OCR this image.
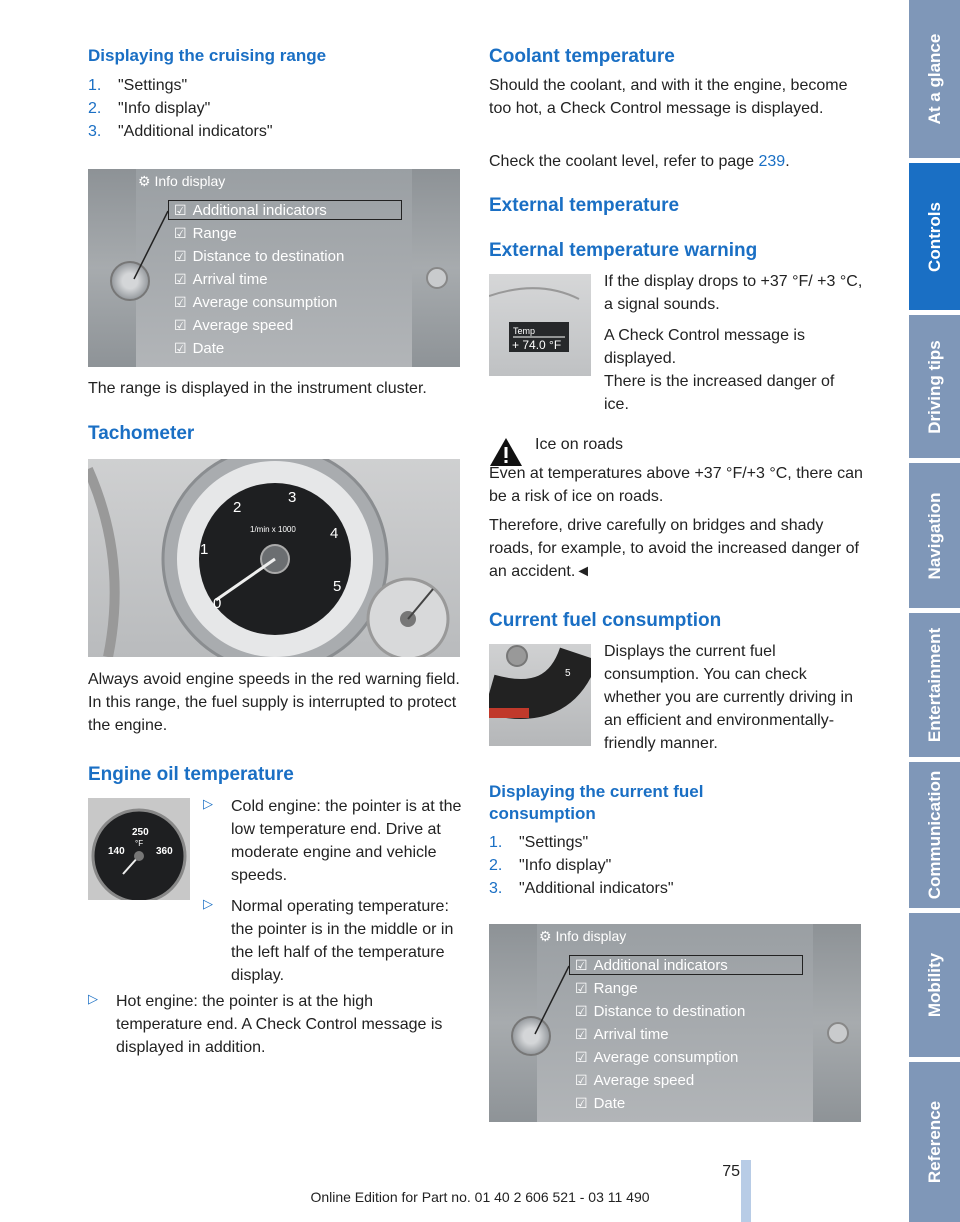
Displaying the cruising range
1. "Settings"
2. "Info display"
3. "Additional indicators"
⚙ Info display
☑ Additional indicators
☑ Range
☑ Distance to destination
☑ Arrival time
☑ Average consumption
☑ Average speed
☑ Date

The range is displayed in the instrument cluster.

Tachometer
0
1
2
3
4
5
1/min x 1000

Always avoid engine speeds in the red warning field. In this range, the fuel supply is interrupted to protect the engine.

Engine oil temperature
250
°F
140	360
▷ Cold engine: the pointer is at the low temperature end. Drive at moderate engine and vehicle speeds.

▷ Normal operating temperature: the pointer is in the middle or in the left half of the temperature display.

▷ Hot engine: the pointer is at the high temperature end. A Check Control message is displayed in addition.

Coolant temperature

Should the coolant, and with it the engine, become too hot, a Check Control message is displayed.

Check the coolant level, refer to page 239.

External temperature
External temperature warning
Temp
+ 74.0 °F

If the display drops to +37 °F/ +3 °C, a signal sounds.

A Check Control message is displayed.

There is the increased danger of ice.

Ice on roads

Even at temperatures above +37 °F/+3 °C, there can be a risk of ice on roads.

Therefore, drive carefully on bridges and shady roads, for example, to avoid the increased danger of an accident.◄

Current fuel consumption
5

Displays the current fuel consumption. You can check whether you are currently driving in an efficient and environmentally-friendly manner.

Displaying the current fuel consumption
1. "Settings"
2. "Info display"
3. "Additional indicators"
⚙ Info display
☑ Additional indicators
☑ Range
☑ Distance to destination
☑ Arrival time
☑ Average consumption
☑ Average speed
☑ Date
At a glance
Controls
Driving tips
Navigation
Entertainment
Communication
Mobility
Reference
75
Online Edition for Part no. 01 40 2 606 521 - 03 11 490
